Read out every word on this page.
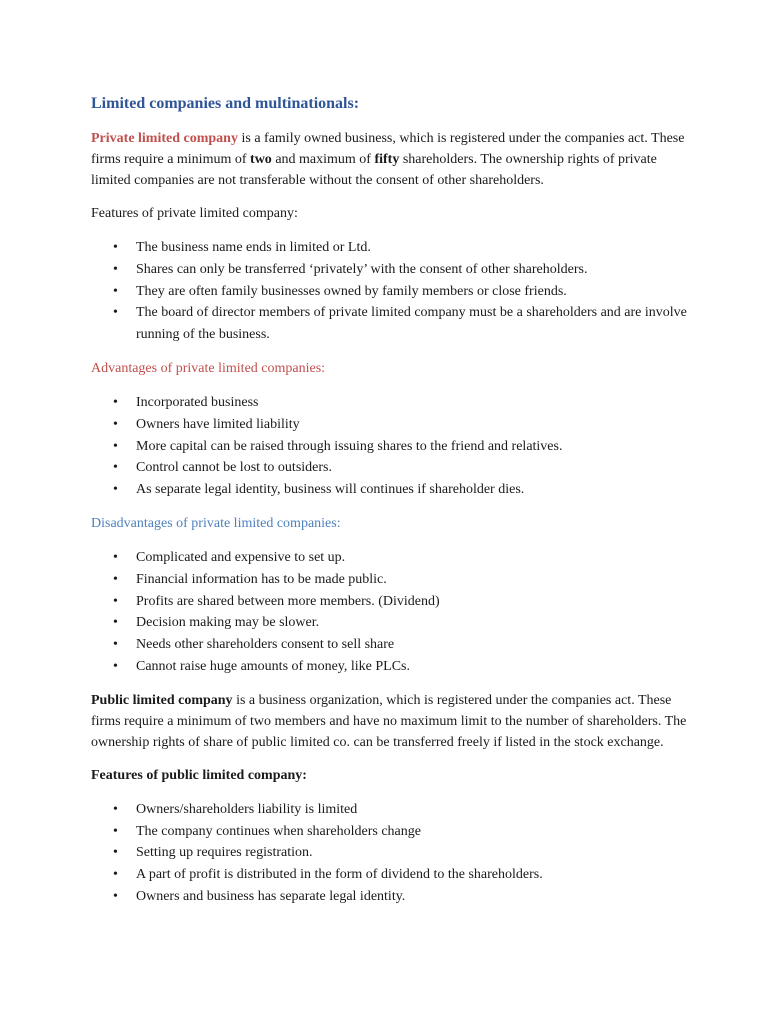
Limited companies and multinationals:

Private limited company is a family owned business, which is registered under the companies act. These firms require a minimum of two and maximum of fifty shareholders. The ownership rights of private limited companies are not transferable without the consent of other shareholders.

Features of private limited company:

• The business name ends in limited or Ltd.
• Shares can only be transferred ‘privately’ with the consent of other shareholders.
• They are often family businesses owned by family members or close friends.
• The board of director members of private limited company must be a shareholders and are involve running of the business.

Advantages of private limited companies:

• Incorporated business
• Owners have limited liability
• More capital can be raised through issuing shares to the friend and relatives.
• Control cannot be lost to outsiders.
• As separate legal identity, business will continues if shareholder dies.

Disadvantages of private limited companies:

• Complicated and expensive to set up.
• Financial information has to be made public.
• Profits are shared between more members. (Dividend)
• Decision making may be slower.
• Needs other shareholders consent to sell share
• Cannot raise huge amounts of money, like PLCs.

Public limited company is a business organization, which is registered under the companies act. These firms require a minimum of two members and have no maximum limit to the number of shareholders. The ownership rights of share of public limited co. can be transferred freely if listed in the stock exchange.

Features of public limited company:

• Owners/shareholders liability is limited
• The company continues when shareholders change
• Setting up requires registration.
• A part of profit is distributed in the form of dividend to the shareholders.
• Owners and business has separate legal identity.
